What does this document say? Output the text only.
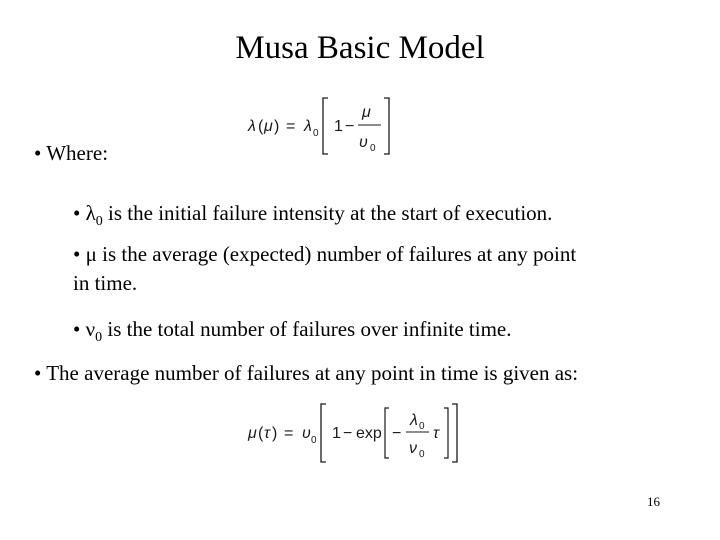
Musa Basic Model
λ ( μ ) = λ 0 1 −
μ
υ 0
• Where:
• $\lambda_0$ is the initial failure intensity at the start of execution.
• μ is the average (expected) number of failures at any point
in time.
• $\nu_0$ is the total number of failures over infinite time.
• The average number of failures at any point in time is given as:
μ ( τ ) = υ 0 1 − exp −
λ 0
ν 0
τ
16
